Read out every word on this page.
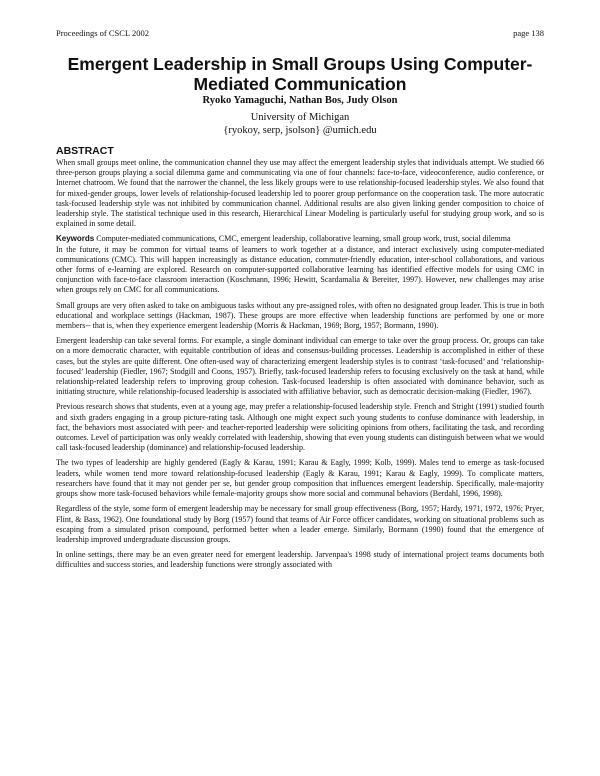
Proceedings of CSCL 2002	page 138
Emergent Leadership in Small Groups Using Computer-Mediated Communication
Ryoko Yamaguchi, Nathan Bos, Judy Olson
University of Michigan
{ryokoy, serp, jsolson} @umich.edu
ABSTRACT

When small groups meet online, the communication channel they use may affect the emergent leadership styles that individuals attempt. We studied 66 three-person groups playing a social dilemma game and communicating via one of four channels: face-to-face, videoconference, audio conference, or Internet chatroom. We found that the narrower the channel, the less likely groups were to use relationship-focused leadership styles. We also found that for mixed-gender groups, lower levels of relationship-focused leadership led to poorer group performance on the cooperation task. The more autocratic task-focused leadership style was not inhibited by communication channel. Additional results are also given linking gender composition to choice of leadership style. The statistical technique used in this research, Hierarchical Linear Modeling is particularly useful for studying group work, and so is explained in some detail.

Keywords Computer-mediated communications, CMC, emergent leadership, collaborative learning, small group work, trust, social dilemma

In the future, it may be common for virtual teams of learners to work together at a distance, and interact exclusively using computer-mediated communications (CMC). This will happen increasingly as distance education, commuter-friendly education, inter-school collaborations, and various other forms of e-learning are explored. Research on computer-supported collaborative learning has identified effective models for using CMC in conjunction with face-to-face classroom interaction (Koschmann, 1996; Hewitt, Scardamalia & Bereiter, 1997). However, new challenges may arise when groups rely on CMC for all communications.

Small groups are very often asked to take on ambiguous tasks without any pre-assigned roles, with often no designated group leader. This is true in both educational and workplace settings (Hackman, 1987). These groups are more effective when leadership functions are performed by one or more members-- that is, when they experience emergent leadership (Morris & Hackman, 1969; Borg, 1957; Bormann, 1990).

Emergent leadership can take several forms. For example, a single dominant individual can emerge to take over the group process. Or, groups can take on a more democratic character, with equitable contribution of ideas and consensus-building processes. Leadership is accomplished in either of these cases, but the styles are quite different. One often-used way of characterizing emergent leadership styles is to contrast ‘task-focused’ and ‘relationship-focused’ leadership (Fiedler, 1967; Stodgill and Coons, 1957). Briefly, task-focused leadership refers to focusing exclusively on the task at hand, while relationship-related leadership refers to improving group cohesion. Task-focused leadership is often associated with dominance behavior, such as initiating structure, while relationship-focused leadership is associated with affiliative behavior, such as democratic decision-making (Fiedler, 1967).

Previous research shows that students, even at a young age, may prefer a relationship-focused leadership style. French and Stright (1991) studied fourth and sixth graders engaging in a group picture-rating task. Although one might expect such young students to confuse dominance with leadership, in fact, the behaviors most associated with peer- and teacher-reported leadership were soliciting opinions from others, facilitating the task, and recording outcomes. Level of participation was only weakly correlated with leadership, showing that even young students can distinguish between what we would call task-focused leadership (dominance) and relationship-focused leadership.

The two types of leadership are highly gendered (Eagly & Karau, 1991; Karau & Eagly, 1999; Kolb, 1999). Males tend to emerge as task-focused leaders, while women tend more toward relationship-focused leadership (Eagly & Karau, 1991; Karau & Eagly, 1999). To complicate matters, researchers have found that it may not gender per se, but gender group composition that influences emergent leadership. Specifically, male-majority groups show more task-focused behaviors while female-majority groups show more social and communal behaviors (Berdahl, 1996, 1998).

Regardless of the style, some form of emergent leadership may be necessary for small group effectiveness (Borg, 1957; Hardy, 1971, 1972, 1976; Pryer, Flint, & Bass, 1962). One foundational study by Borg (1957) found that teams of Air Force officer candidates, working on situational problems such as escaping from a simulated prison compound, performed better when a leader emerge. Similarly, Bormann (1990) found that the emergence of leadership improved undergraduate discussion groups.

In online settings, there may be an even greater need for emergent leadership. Jarvenpaa's 1998 study of international project teams documents both difficulties and success stories, and leadership functions were strongly associated with
